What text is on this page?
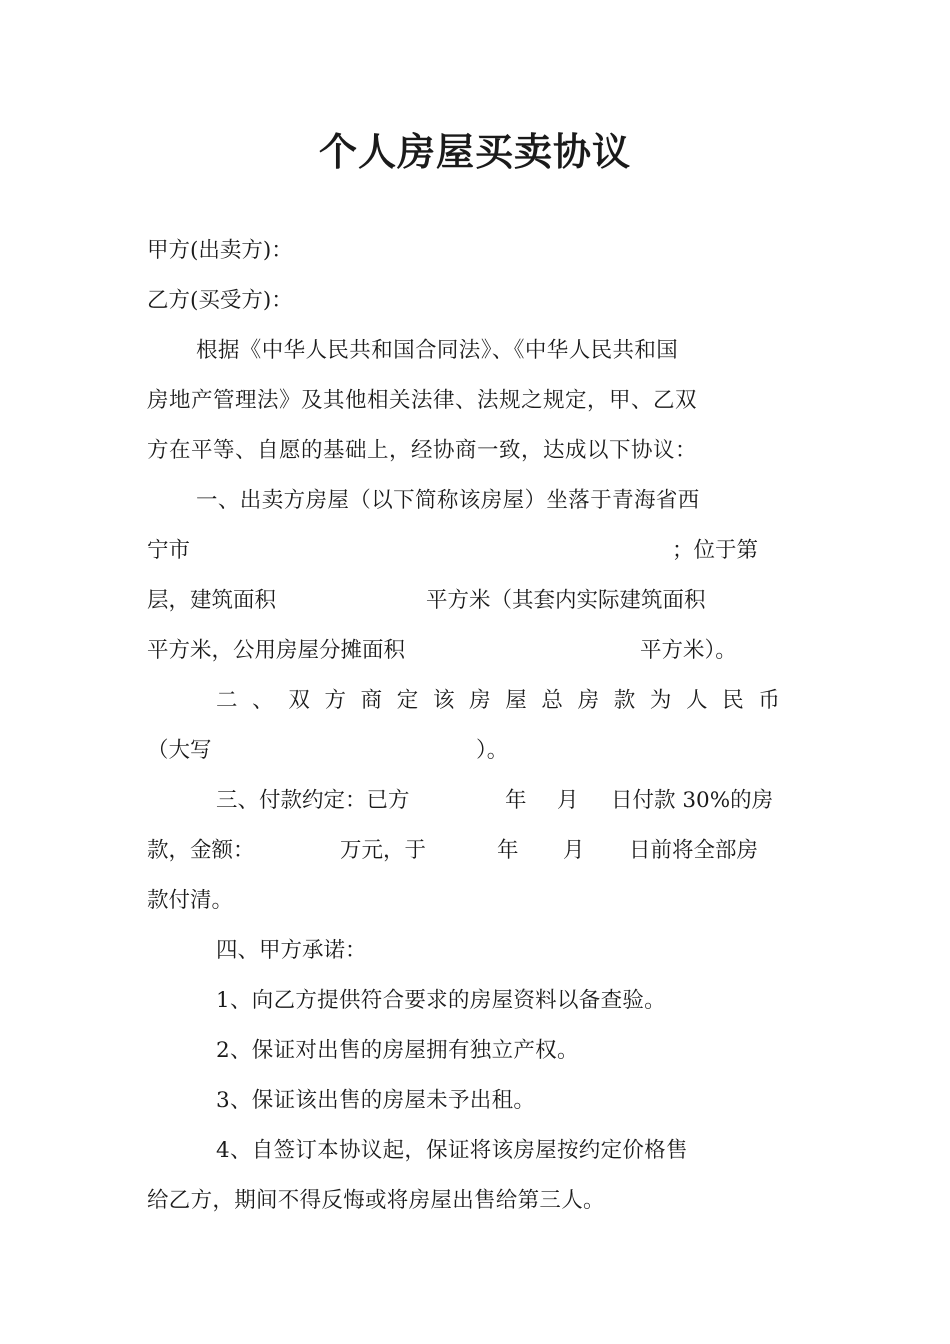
个人房屋买卖协议
甲方(出卖方)：
乙方(买受方)：
根据《中华人民共和国合同法》、《中华人民共和国
房地产管理法》及其他相关法律、法规之规定，甲、乙双
方在平等、自愿的基础上，经协商一致，达成以下协议：
一、出卖方房屋（以下简称该房屋）坐落于青海省西
宁市	；位于第
层，建筑面积	平方米（其套内实际建筑面积
平方米，公用房屋分摊面积	平方米）。
二 、 双 方 商 定 该 房 屋 总 房 款 为 人 民 币
（大写	）。
三、付款约定：已方	年 月 日付款 30%的房
款，金额：	万元，于	年 月 日前将全部房
款付清。
四、甲方承诺：
1、向乙方提供符合要求的房屋资料以备查验。
2、保证对出售的房屋拥有独立产权。
3、保证该出售的房屋未予出租。
4、自签订本协议起，保证将该房屋按约定价格售
给乙方，期间不得反悔或将房屋出售给第三人。
